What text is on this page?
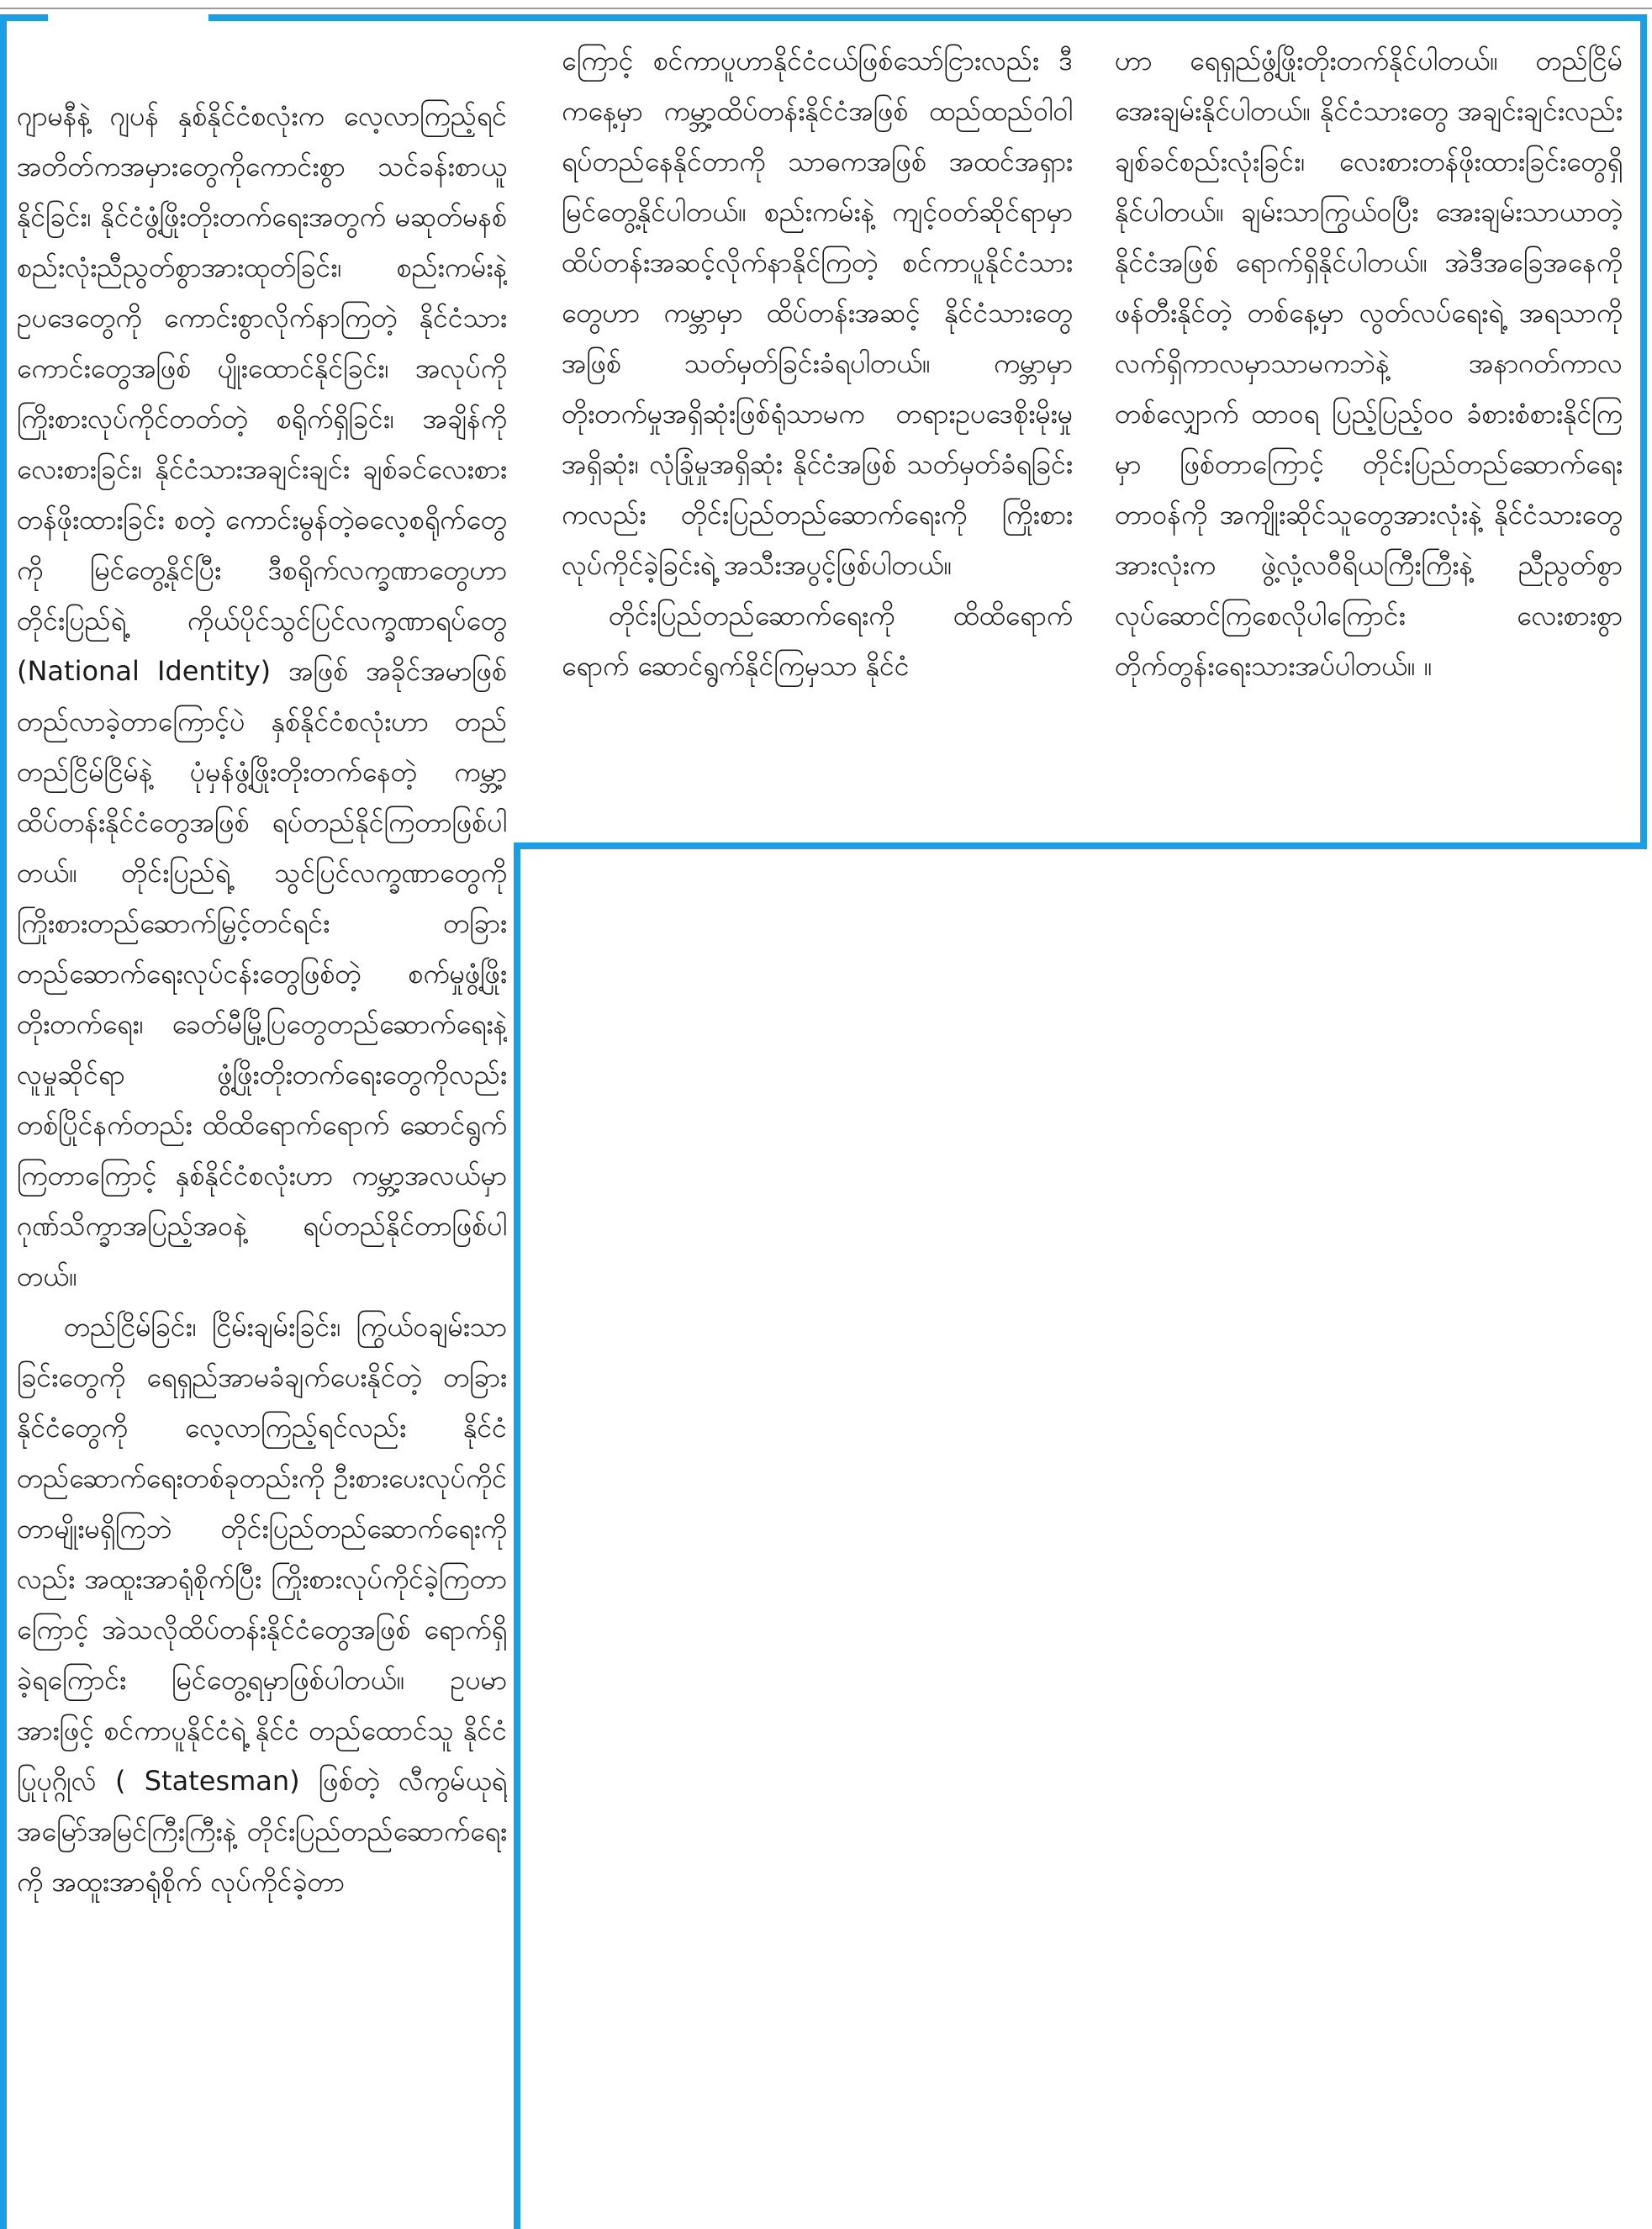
ဂျာမနီနဲ့ ဂျပန် နှစ်နိုင်ငံစလုံးက လေ့လာကြည့်ရင်အတိတ်ကအမှားတွေကိုကောင်းစွာ သင်ခန်းစာယူနိုင်ခြင်း၊ နိုင်ငံဖွံ့ဖြိုးတိုးတက်ရေးအတွက် မဆုတ်မနစ် စည်းလုံးညီညွတ်စွာအားထုတ်ခြင်း၊ စည်းကမ်းနဲ့ ဥပဒေတွေကို ကောင်းစွာလိုက်နာကြတဲ့ နိုင်ငံသားကောင်းတွေအဖြစ် ပျိုးထောင်နိုင်ခြင်း၊ အလုပ်ကို ကြိုးစားလုပ်ကိုင်တတ်တဲ့ စရိုက်ရှိခြင်း၊ အချိန်ကိုလေးစားခြင်း၊ နိုင်ငံသားအချင်းချင်း ချစ်ခင်လေးစားတန်ဖိုးထားခြင်း စတဲ့ ကောင်းမွန်တဲ့ဓလေ့စရိုက်တွေကို မြင်တွေ့နိုင်ပြီး ဒီစရိုက်လက္ခဏာတွေဟာ တိုင်းပြည်ရဲ့ ကိုယ်ပိုင်သွင်ပြင်လက္ခဏာရပ်တွေ (National Identity) အဖြစ် အခိုင်အမာဖြစ်တည်လာခဲ့တာကြောင့်ပဲ နှစ်နိုင်ငံစလုံးဟာ တည်တည်ငြိမ်ငြိမ်နဲ့ ပုံမှန်ဖွံ့ဖြိုးတိုးတက်နေတဲ့ ကမ္ဘာ့ထိပ်တန်းနိုင်ငံတွေအဖြစ် ရပ်တည်နိုင်ကြတာဖြစ်ပါတယ်။ တိုင်းပြည်ရဲ့ သွင်ပြင်လက္ခဏာတွေကို ကြိုးစားတည်ဆောက်မြှင့်တင်ရင်း တခြားတည်ဆောက်ရေးလုပ်ငန်းတွေဖြစ်တဲ့ စက်မှုဖွံ့ဖြိုးတိုးတက်ရေး၊ ခေတ်မီမြို့ပြတွေတည်ဆောက်ရေးနဲ့ လူမှုဆိုင်ရာ ဖွံ့ဖြိုးတိုးတက်ရေးတွေကိုလည်း တစ်ပြိုင်နက်တည်း ထိထိရောက်ရောက် ဆောင်ရွက်ကြတာကြောင့် နှစ်နိုင်ငံစလုံးဟာ ကမ္ဘာ့အလယ်မှာ ဂုဏ်သိက္ခာအပြည့်အဝနဲ့ ရပ်တည်နိုင်တာဖြစ်ပါတယ်။

တည်ငြိမ်ခြင်း၊ ငြိမ်းချမ်းခြင်း၊ ကြွယ်ဝချမ်းသာခြင်းတွေကို ရေရှည်အာမခံချက်ပေးနိုင်တဲ့ တခြားနိုင်ငံတွေကို လေ့လာကြည့်ရင်လည်း နိုင်ငံတည်ဆောက်ရေးတစ်ခုတည်းကို ဦးစားပေးလုပ်ကိုင်တာမျိုးမရှိကြဘဲ တိုင်းပြည်တည်ဆောက်ရေးကိုလည်း အထူးအာရုံစိုက်ပြီး ကြိုးစားလုပ်ကိုင်ခဲ့ကြတာကြောင့် အဲသလိုထိပ်တန်းနိုင်ငံတွေအဖြစ် ရောက်ရှိခဲ့ရကြောင်း မြင်တွေ့ရမှာဖြစ်ပါတယ်။ ဥပမာအားဖြင့် စင်ကာပူနိုင်ငံရဲ့ နိုင်ငံ တည်ထောင်သူ နိုင်ငံပြုပုဂ္ဂိုလ် ( Statesman) ဖြစ်တဲ့ လီကွမ်ယုရဲ့ အမြော်အမြင်ကြီးကြီးနဲ့ တိုင်းပြည်တည်ဆောက်ရေးကို အထူးအာရုံစိုက် လုပ်ကိုင်ခဲ့တာ

ကြောင့် စင်ကာပူဟာနိုင်ငံငယ်ဖြစ်သော်ငြားလည်း ဒီကနေ့မှာ ကမ္ဘာ့ထိပ်တန်းနိုင်ငံအဖြစ် ထည်ထည်ဝါဝါ ရပ်တည်နေနိုင်တာကို သာဓကအဖြစ် အထင်အရှားမြင်တွေ့နိုင်ပါတယ်။ စည်းကမ်းနဲ့ ကျင့်ဝတ်ဆိုင်ရာမှာ ထိပ်တန်းအဆင့်လိုက်နာနိုင်ကြတဲ့ စင်ကာပူနိုင်ငံသားတွေဟာ ကမ္ဘာမှာ ထိပ်တန်းအဆင့် နိုင်ငံသားတွေအဖြစ် သတ်မှတ်ခြင်းခံရပါတယ်။ ကမ္ဘာမှာ တိုးတက်မှုအရှိဆုံးဖြစ်ရုံသာမက တရားဥပဒေစိုးမိုးမှုအရှိဆုံး၊ လုံခြုံမှုအရှိဆုံး နိုင်ငံအဖြစ် သတ်မှတ်ခံရခြင်းကလည်း တိုင်းပြည်တည်ဆောက်ရေးကို ကြိုးစားလုပ်ကိုင်ခဲ့ခြင်းရဲ့ အသီးအပွင့်ဖြစ်ပါတယ်။

တိုင်းပြည်တည်ဆောက်ရေးကို ထိထိရောက်ရောက် ဆောင်ရွက်နိုင်ကြမှသာ နိုင်ငံ

ဟာ ရေရှည်ဖွံ့ဖြိုးတိုးတက်နိုင်ပါတယ်။ တည်ငြိမ်အေးချမ်းနိုင်ပါတယ်။ နိုင်ငံသားတွေ အချင်းချင်းလည်း ချစ်ခင်စည်းလုံးခြင်း၊ လေးစားတန်ဖိုးထားခြင်းတွေရှိနိုင်ပါတယ်။ ချမ်းသာကြွယ်ဝပြီး အေးချမ်းသာယာတဲ့နိုင်ငံအဖြစ် ရောက်ရှိနိုင်ပါတယ်။ အဲဒီအခြေအနေကို ဖန်တီးနိုင်တဲ့ တစ်နေ့မှာ လွတ်လပ်ရေးရဲ့ အရသာကို လက်ရှိကာလမှာသာမကဘဲနဲ့ အနာဂတ်ကာလတစ်လျှောက် ထာဝရ ပြည့်ပြည့်ဝဝ ခံစားစံစားနိုင်ကြမှာ ဖြစ်တာကြောင့် တိုင်းပြည်တည်ဆောက်ရေးတာဝန်ကို အကျိုးဆိုင်သူတွေအားလုံးနဲ့ နိုင်ငံသားတွေအားလုံးက ဖွဲ့လုံ့လဝီရိယကြီးကြီးနဲ့ ညီညွတ်စွာ လုပ်ဆောင်ကြစေလိုပါကြောင်း လေးစားစွာ တိုက်တွန်းရေးသားအပ်ပါတယ်။ ။
